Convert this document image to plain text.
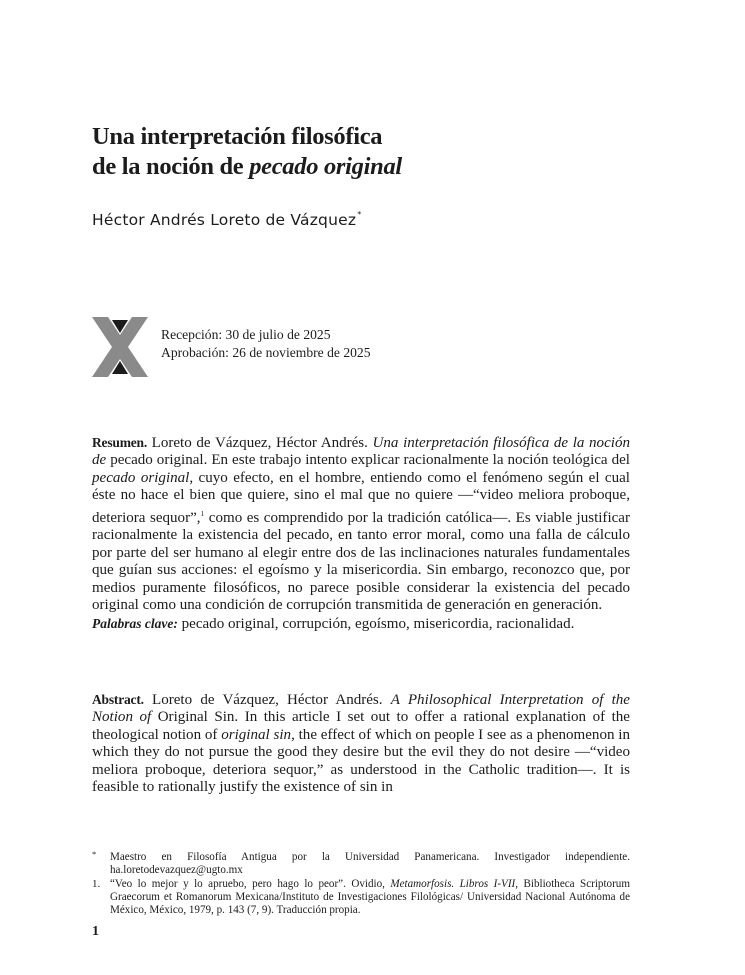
Una interpretación filosófica
de la noción de pecado original
Héctor Andrés Loreto de Vázquez*
Recepción: 30 de julio de 2025
Aprobación: 26 de noviembre de 2025

Resumen. Loreto de Vázquez, Héctor Andrés. Una interpretación filosófica de la noción de pecado original. En este trabajo intento explicar racionalmente la noción teológica del pecado original, cuyo efecto, en el hombre, entiendo como el fenómeno según el cual éste no hace el bien que quiere, sino el mal que no quiere —“video meliora proboque, deteriora sequor”,$^1$ como es comprendido por la tradición católica—. Es viable justificar racionalmente la existencia del pecado, en tanto error moral, como una falla de cálculo por parte del ser humano al elegir entre dos de las inclinaciones naturales fundamentales que guían sus acciones: el egoísmo y la misericordia. Sin embargo, reconozco que, por medios puramente filosóficos, no parece posible considerar la existencia del pecado original como una condición de corrupción transmitida de generación en generación.

Palabras clave: pecado original, corrupción, egoísmo, misericordia, racionalidad.

Abstract. Loreto de Vázquez, Héctor Andrés. A Philosophical Interpretation of the Notion of Original Sin. In this article I set out to offer a rational explanation of the theological notion of original sin, the effect of which on people I see as a phenomenon in which they do not pursue the good they desire but the evil they do not desire —“video meliora proboque, deteriora sequor,” as understood in the Catholic tradition—. It is feasible to rationally justify the existence of sin in

* Maestro en Filosofía Antigua por la Universidad Panamericana. Investigador independiente. ha.loretodevazquez@ugto.mx
1. “Veo lo mejor y lo apruebo, pero hago lo peor”. Ovidio, Metamorfosis. Libros I-VII, Bibliotheca Scriptorum Graecorum et Romanorum Mexicana/Instituto de Investigaciones Filológicas/ Universidad Nacional Autónoma de México, México, 1979, p. 143 (7, 9). Traducción propia.
1
